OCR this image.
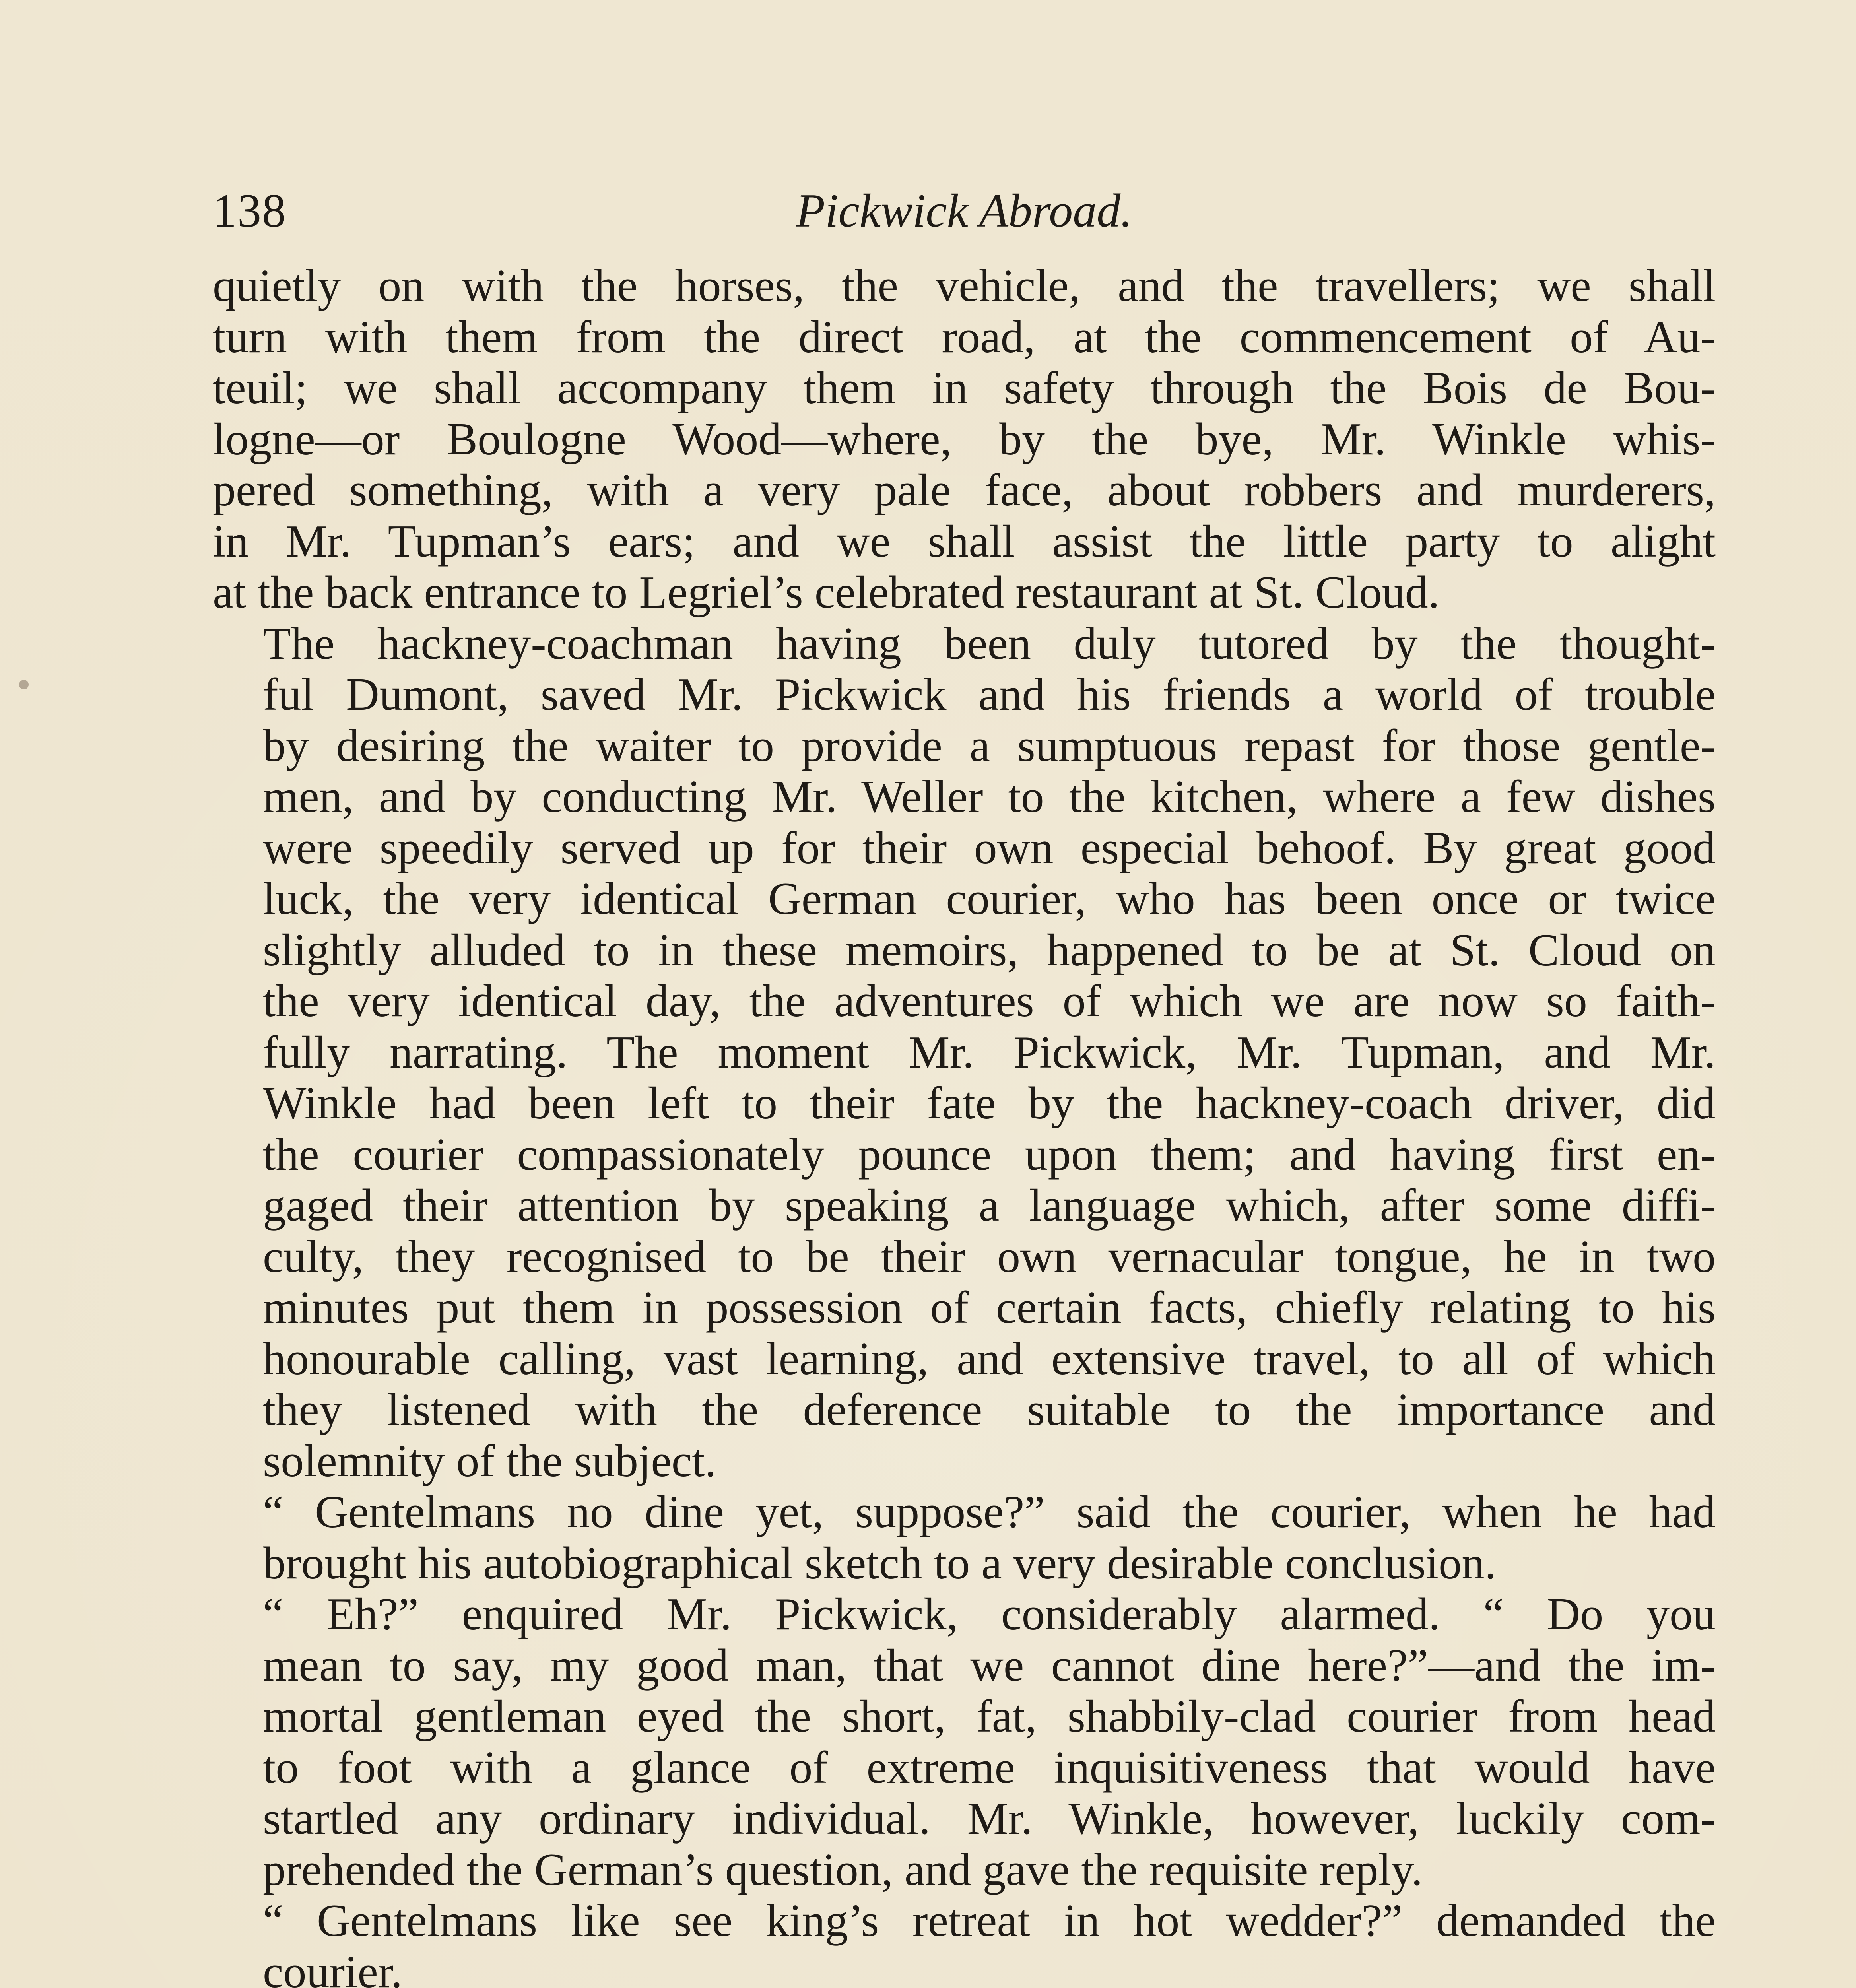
138	Pickwick Abroad.
quietly on with the horses, the vehicle, and the travellers; we shall
turn with them from the direct road, at the commencement of Au-
teuil; we shall accompany them in safety through the Bois de Bou-
logne—or Boulogne Wood—where, by the bye, Mr. Winkle whis-
pered something, with a very pale face, about robbers and murderers,
in Mr. Tupman’s ears; and we shall assist the little party to alight
at the back entrance to Legriel’s celebrated restaurant at St. Cloud.
The hackney-coachman having been duly tutored by the thought-
ful Dumont, saved Mr. Pickwick and his friends a world of trouble
by desiring the waiter to provide a sumptuous repast for those gentle-
men, and by conducting Mr. Weller to the kitchen, where a few dishes
were speedily served up for their own especial behoof. By great good
luck, the very identical German courier, who has been once or twice
slightly alluded to in these memoirs, happened to be at St. Cloud on
the very identical day, the adventures of which we are now so faith-
fully narrating. The moment Mr. Pickwick, Mr. Tupman, and Mr.
Winkle had been left to their fate by the hackney-coach driver, did
the courier compassionately pounce upon them; and having first en-
gaged their attention by speaking a language which, after some diffi-
culty, they recognised to be their own vernacular tongue, he in two
minutes put them in possession of certain facts, chiefly relating to his
honourable calling, vast learning, and extensive travel, to all of which
they listened with the deference suitable to the importance and
solemnity of the subject.
“ Gentelmans no dine yet, suppose?” said the courier, when he had
brought his autobiographical sketch to a very desirable conclusion.
“ Eh?” enquired Mr. Pickwick, considerably alarmed. “ Do you
mean to say, my good man, that we cannot dine here?”—and the im-
mortal gentleman eyed the short, fat, shabbily-clad courier from head
to foot with a glance of extreme inquisitiveness that would have
startled any ordinary individual. Mr. Winkle, however, luckily com-
prehended the German’s question, and gave the requisite reply.
“ Gentelmans like see king’s retreat in hot wedder?” demanded the
courier.
